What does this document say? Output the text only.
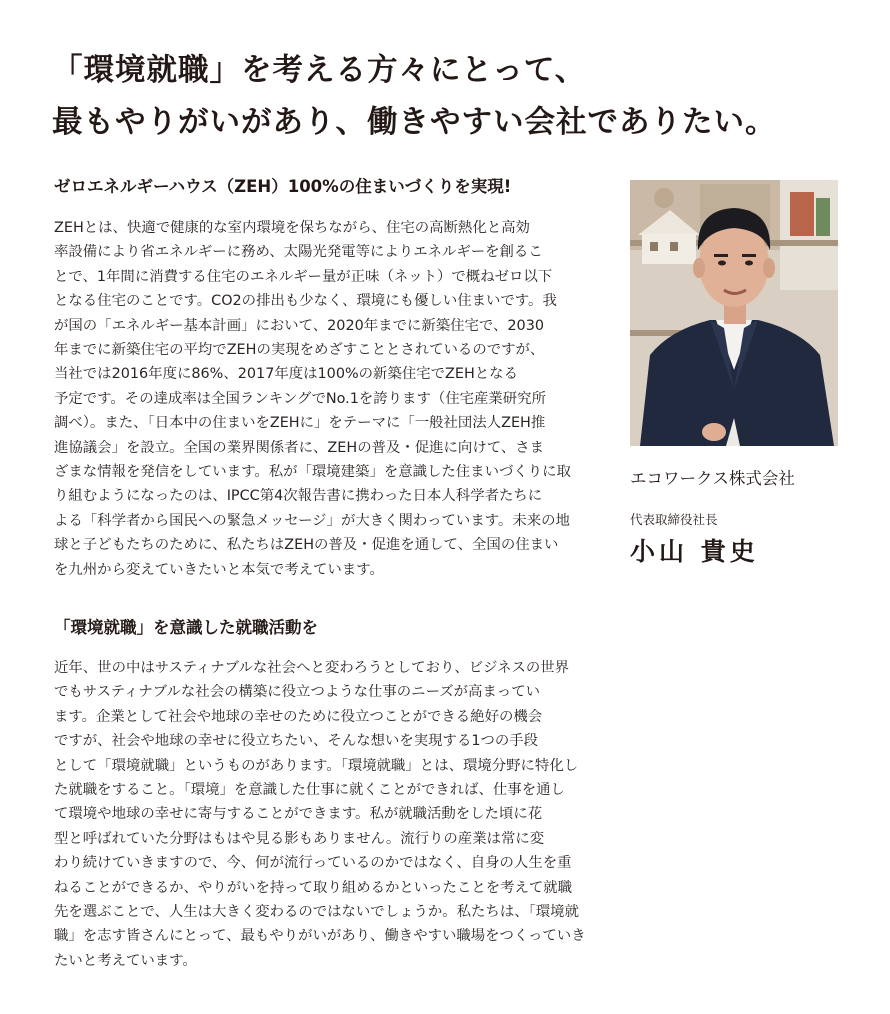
「環境就職」を考える方々にとって、
最もやりがいがあり、働きやすい会社でありたい。
ゼロエネルギーハウス（ZEH）100%の住まいづくりを実現!
ZEHとは、快適で健康的な室内環境を保ちながら、住宅の高断熱化と高効
率設備により省エネルギーに務め、太陽光発電等によりエネルギーを創るこ
とで、1年間に消費する住宅のエネルギー量が正味（ネット）で概ねゼロ以下
となる住宅のことです。CO2の排出も少なく、環境にも優しい住まいです。我
が国の「エネルギー基本計画」において、2020年までに新築住宅で、2030
年までに新築住宅の平均でZEHの実現をめざすこととされているのですが、
当社では2016年度に86%、2017年度は100%の新築住宅でZEHとなる
予定です。その達成率は全国ランキングでNo.1を誇ります（住宅産業研究所
調べ）。また、「日本中の住まいをZEHに」をテーマに「一般社団法人ZEH推
進協議会」を設立。全国の業界関係者に、ZEHの普及・促進に向けて、さま
ざまな情報を発信をしています。私が「環境建築」を意識した住まいづくりに取
り組むようになったのは、IPCC第4次報告書に携わった日本人科学者たちに
よる「科学者から国民への緊急メッセージ」が大きく関わっています。未来の地
球と子どもたちのために、私たちはZEHの普及・促進を通して、全国の住まい
を九州から変えていきたいと本気で考えています。
「環境就職」を意識した就職活動を
近年、世の中はサスティナブルな社会へと変わろうとしており、ビジネスの世界
でもサスティナブルな社会の構築に役立つような仕事のニーズが高まってい
ます。企業として社会や地球の幸せのために役立つことができる絶好の機会
ですが、社会や地球の幸せに役立ちたい、そんな想いを実現する1つの手段
として「環境就職」というものがあります。「環境就職」とは、環境分野に特化し
た就職をすること。「環境」を意識した仕事に就くことができれば、仕事を通し
て環境や地球の幸せに寄与することができます。私が就職活動をした頃に花
型と呼ばれていた分野はもはや見る影もありません。流行りの産業は常に変
わり続けていきますので、今、何が流行っているのかではなく、自身の人生を重
ねることができるか、やりがいを持って取り組めるかといったことを考えて就職
先を選ぶことで、人生は大きく変わるのではないでしょうか。私たちは、「環境就
職」を志す皆さんにとって、最もやりがいがあり、働きやすい職場をつくっていき
たいと考えています。
エコワークス株式会社
代表取締役社長
小山 貴史
